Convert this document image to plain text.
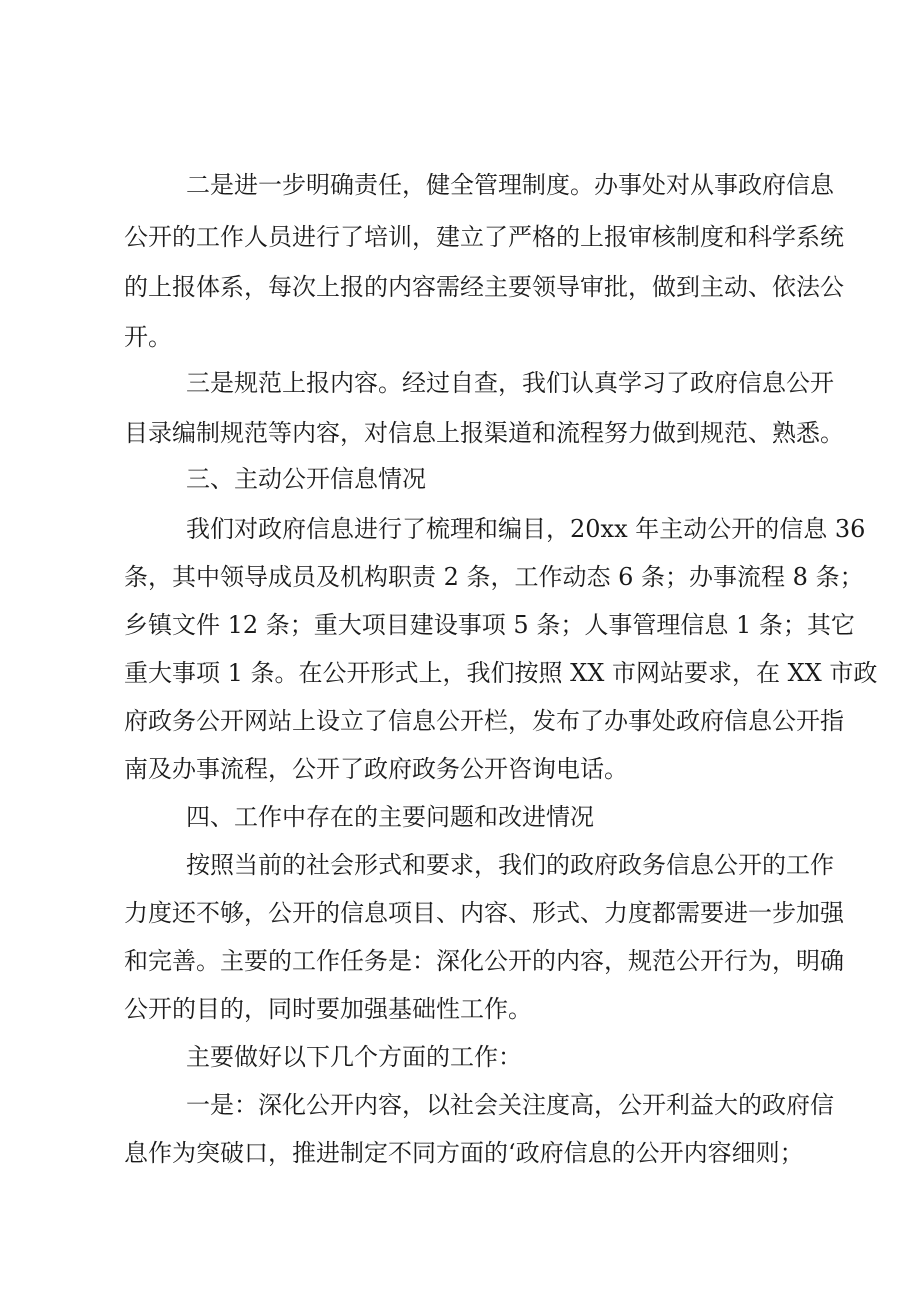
二是进一步明确责任，健全管理制度。办事处对从事政府信息

公开的工作人员进行了培训，建立了严格的上报审核制度和科学系统

的上报体系，每次上报的内容需经主要领导审批，做到主动、依法公

开。

三是规范上报内容。经过自查，我们认真学习了政府信息公开

目录编制规范等内容，对信息上报渠道和流程努力做到规范、熟悉。

三、主动公开信息情况

我们对政府信息进行了梳理和编目，20xx 年主动公开的信息 36

条，其中领导成员及机构职责 2 条，工作动态 6 条；办事流程 8 条；

乡镇文件 12 条；重大项目建设事项 5 条；人事管理信息 1 条；其它

重大事项 1 条。在公开形式上，我们按照 XX 市网站要求，在 XX 市政

府政务公开网站上设立了信息公开栏，发布了办事处政府信息公开指

南及办事流程，公开了政府政务公开咨询电话。

四、工作中存在的主要问题和改进情况

按照当前的社会形式和要求，我们的政府政务信息公开的工作

力度还不够，公开的信息项目、内容、形式、力度都需要进一步加强

和完善。主要的工作任务是：深化公开的内容，规范公开行为，明确

公开的目的，同时要加强基础性工作。

主要做好以下几个方面的工作：

一是：深化公开内容，以社会关注度高，公开利益大的政府信

息作为突破口，推进制定不同方面的‘政府信息的公开内容细则；
